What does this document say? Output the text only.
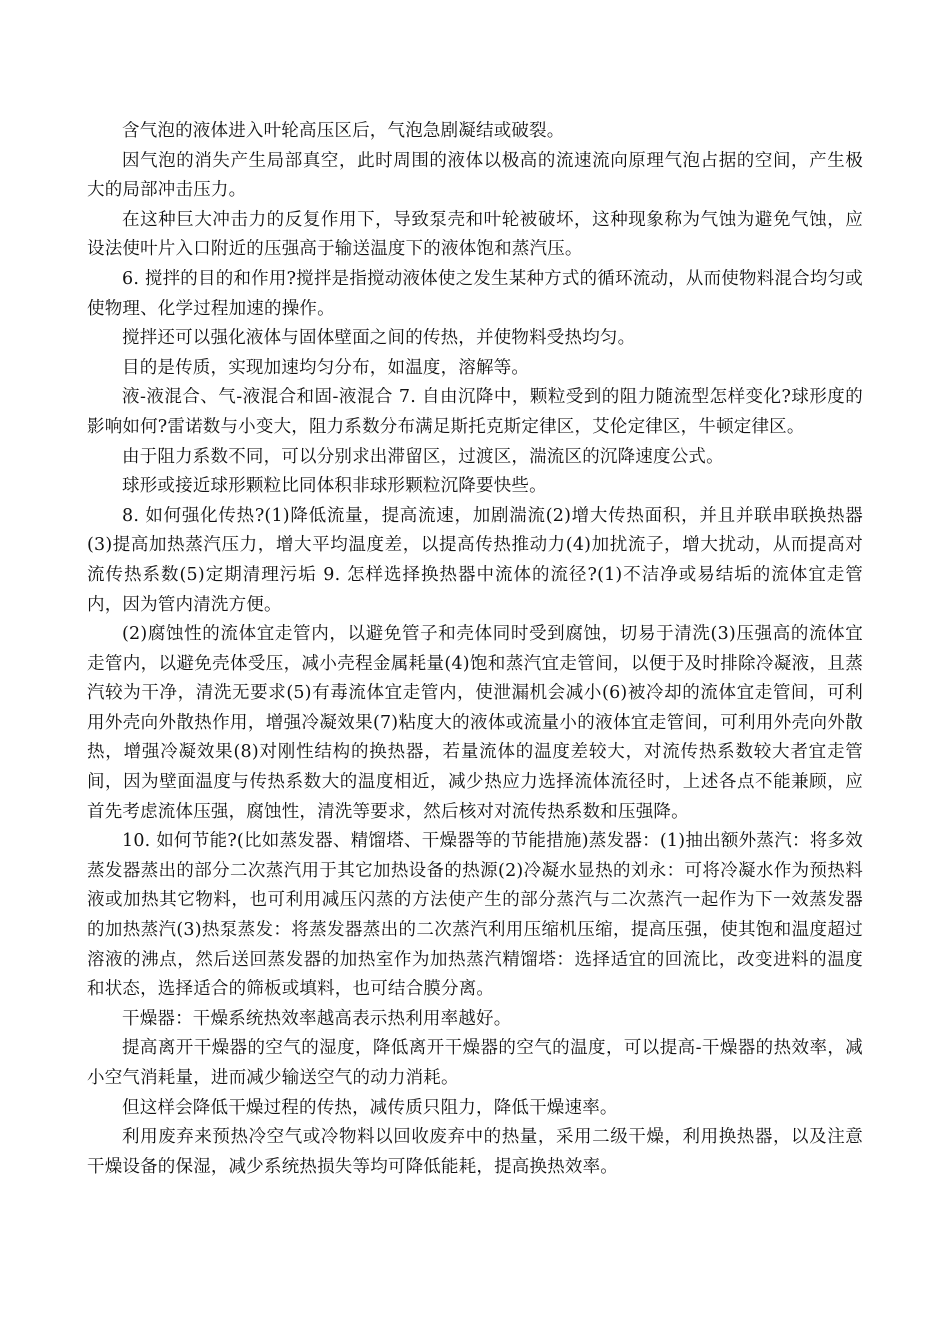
含气泡的液体进入叶轮高压区后，气泡急剧凝结或破裂。

因气泡的消失产生局部真空，此时周围的液体以极高的流速流向原理气泡占据的空间，产生极大的局部冲击压力。

在这种巨大冲击力的反复作用下，导致泵壳和叶轮被破坏，这种现象称为气蚀为避免气蚀，应设法使叶片入口附近的压强高于输送温度下的液体饱和蒸汽压。

6. 搅拌的目的和作用?搅拌是指搅动液体使之发生某种方式的循环流动，从而使物料混合均匀或使物理、化学过程加速的操作。

搅拌还可以强化液体与固体壁面之间的传热，并使物料受热均匀。

目的是传质，实现加速均匀分布，如温度，溶解等。

液-液混合、气-液混合和固-液混合 7. 自由沉降中，颗粒受到的阻力随流型怎样变化?球形度的影响如何?雷诺数与小变大，阻力系数分布满足斯托克斯定律区，艾伦定律区，牛顿定律区。

由于阻力系数不同，可以分别求出滞留区，过渡区，湍流区的沉降速度公式。

球形或接近球形颗粒比同体积非球形颗粒沉降要快些。

8. 如何强化传热?(1)降低流量，提高流速，加剧湍流(2)增大传热面积，并且并联串联换热器(3)提高加热蒸汽压力，增大平均温度差，以提高传热推动力(4)加扰流子，增大扰动，从而提高对流传热系数(5)定期清理污垢 9. 怎样选择换热器中流体的流径?(1)不洁净或易结垢的流体宜走管内，因为管内清洗方便。

(2)腐蚀性的流体宜走管内，以避免管子和壳体同时受到腐蚀，切易于清洗(3)压强高的流体宜走管内，以避免壳体受压，减小壳程金属耗量(4)饱和蒸汽宜走管间，以便于及时排除冷凝液，且蒸汽较为干净，清洗无要求(5)有毒流体宜走管内，使泄漏机会减小(6)被冷却的流体宜走管间，可利用外壳向外散热作用，增强冷凝效果(7)粘度大的液体或流量小的液体宜走管间，可利用外壳向外散热，增强冷凝效果(8)对刚性结构的换热器，若量流体的温度差较大，对流传热系数较大者宜走管间，因为壁面温度与传热系数大的温度相近，减少热应力选择流体流径时，上述各点不能兼顾，应首先考虑流体压强，腐蚀性，清洗等要求，然后核对对流传热系数和压强降。

10. 如何节能?(比如蒸发器、精馏塔、干燥器等的节能措施)蒸发器：(1)抽出额外蒸汽：将多效蒸发器蒸出的部分二次蒸汽用于其它加热设备的热源(2)冷凝水显热的刘永：可将冷凝水作为预热料液或加热其它物料，也可利用减压闪蒸的方法使产生的部分蒸汽与二次蒸汽一起作为下一效蒸发器的加热蒸汽(3)热泵蒸发：将蒸发器蒸出的二次蒸汽利用压缩机压缩，提高压强，使其饱和温度超过溶液的沸点，然后送回蒸发器的加热室作为加热蒸汽精馏塔：选择适宜的回流比，改变进料的温度和状态，选择适合的筛板或填料，也可结合膜分离。

干燥器：干燥系统热效率越高表示热利用率越好。

提高离开干燥器的空气的湿度，降低离开干燥器的空气的温度，可以提高-干燥器的热效率，减小空气消耗量，进而减少输送空气的动力消耗。

但这样会降低干燥过程的传热，减传质只阻力，降低干燥速率。

利用废弃来预热冷空气或冷物料以回收废弃中的热量，采用二级干燥，利用换热器，以及注意干燥设备的保湿，减少系统热损失等均可降低能耗，提高换热效率。
